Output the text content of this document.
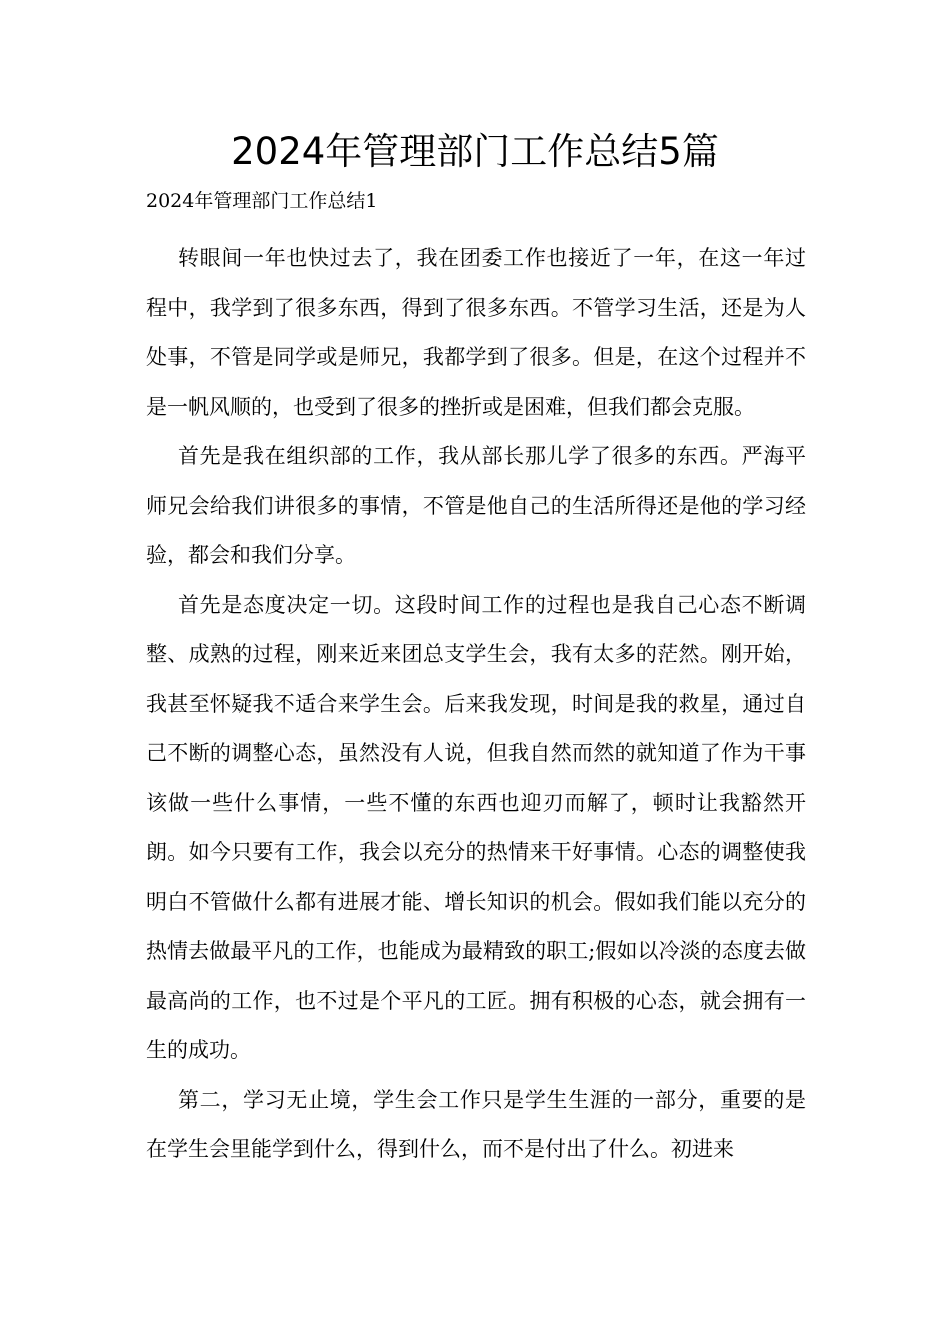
2024年管理部门工作总结5篇

2024年管理部门工作总结1

转眼间一年也快过去了，我在团委工作也接近了一年，在这一年过程中，我学到了很多东西，得到了很多东西。不管学习生活，还是为人处事，不管是同学或是师兄，我都学到了很多。但是，在这个过程并不是一帆风顺的，也受到了很多的挫折或是困难，但我们都会克服。

首先是我在组织部的工作，我从部长那儿学了很多的东西。严海平师兄会给我们讲很多的事情，不管是他自己的生活所得还是他的学习经验，都会和我们分享。

首先是态度决定一切。这段时间工作的过程也是我自己心态不断调整、成熟的过程，刚来近来团总支学生会，我有太多的茫然。刚开始，我甚至怀疑我不适合来学生会。后来我发现，时间是我的救星，通过自己不断的调整心态，虽然没有人说，但我自然而然的就知道了作为干事该做一些什么事情，一些不懂的东西也迎刃而解了，顿时让我豁然开朗。如今只要有工作，我会以充分的热情来干好事情。心态的调整使我明白不管做什么都有进展才能、增长知识的机会。假如我们能以充分的热情去做最平凡的工作，也能成为最精致的职工;假如以冷淡的态度去做最高尚的工作，也不过是个平凡的工匠。拥有积极的心态，就会拥有一生的成功。

第二，学习无止境，学生会工作只是学生生涯的一部分，重要的是在学生会里能学到什么，得到什么，而不是付出了什么。初进来
